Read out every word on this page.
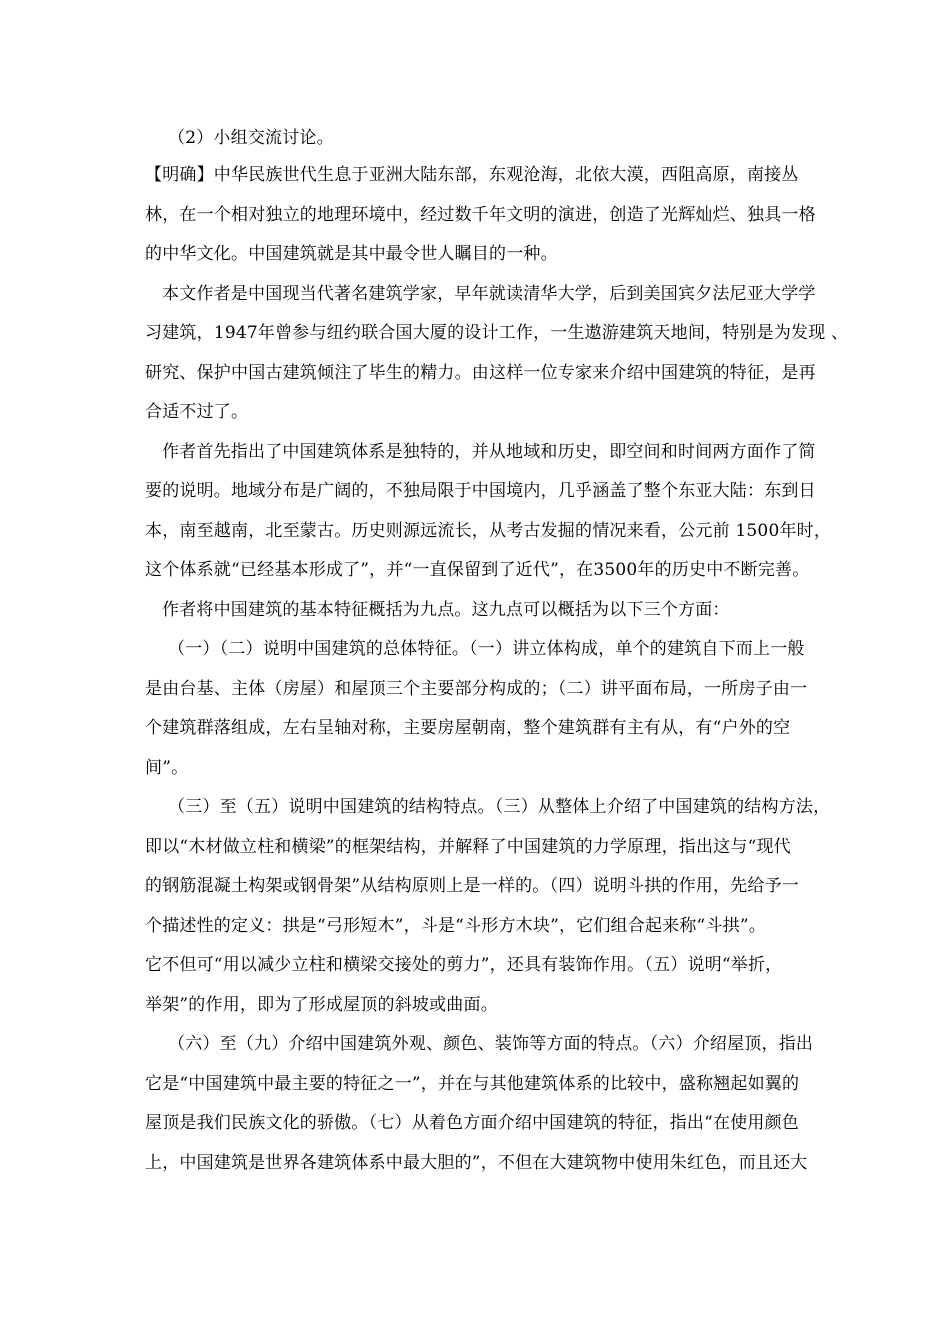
（2）小组交流讨论。
【明确】中华民族世代生息于亚洲大陆东部，东观沧海，北依大漠，西阻高原，南接丛
林，在一个相对独立的地理环境中，经过数千年文明的演进，创造了光辉灿烂、独具一格
的中华文化。中国建筑就是其中最令世人瞩目的一种。
本文作者是中国现当代著名建筑学家，早年就读清华大学，后到美国宾夕法尼亚大学学
习建筑，1947年曾参与纽约联合国大厦的设计工作，一生遨游建筑天地间，特别是为发现 、
研究、保护中国古建筑倾注了毕生的精力。由这样一位专家来介绍中国建筑的特征，是再
合适不过了。
作者首先指出了中国建筑体系是独特的，并从地域和历史，即空间和时间两方面作了简
要的说明。地域分布是广阔的，不独局限于中国境内，几乎涵盖了整个东亚大陆：东到日
本，南至越南，北至蒙古。历史则源远流长，从考古发掘的情况来看，公元前 1500年时，
这个体系就“已经基本形成了”，并“一直保留到了近代”，在3500年的历史中不断完善。
作者将中国建筑的基本特征概括为九点。这九点可以概括为以下三个方面：
（一）（二）说明中国建筑的总体特征。（一）讲立体构成，单个的建筑自下而上一般
是由台基、主体（房屋）和屋顶三个主要部分构成的；（二）讲平面布局，一所房子由一
个建筑群落组成，左右呈轴对称，主要房屋朝南，整个建筑群有主有从，有“户外的空
间”。
（三）至（五）说明中国建筑的结构特点。（三）从整体上介绍了中国建筑的结构方法，
即以“木材做立柱和横梁”的框架结构，并解释了中国建筑的力学原理，指出这与“现代
的钢筋混凝土构架或钢骨架”从结构原则上是一样的。（四）说明斗拱的作用，先给予一
个描述性的定义：拱是“弓形短木”，斗是“斗形方木块”，它们组合起来称“斗拱”。
它不但可“用以减少立柱和横梁交接处的剪力”，还具有装饰作用。（五）说明“举折，
举架”的作用，即为了形成屋顶的斜坡或曲面。
（六）至（九）介绍中国建筑外观、颜色、装饰等方面的特点。（六）介绍屋顶，指出
它是“中国建筑中最主要的特征之一”，并在与其他建筑体系的比较中，盛称翘起如翼的
屋顶是我们民族文化的骄傲。（七）从着色方面介绍中国建筑的特征，指出“在使用颜色
上，中国建筑是世界各建筑体系中最大胆的”，不但在大建筑物中使用朱红色，而且还大
